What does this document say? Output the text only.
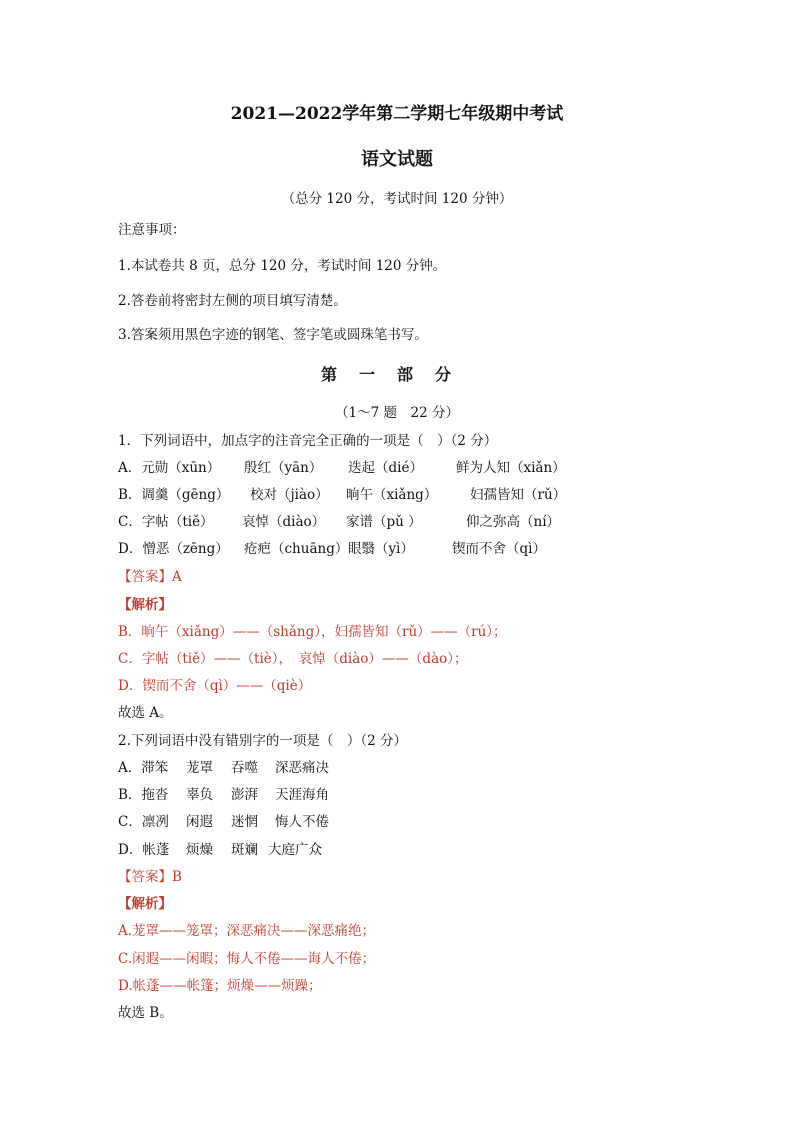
2021—2022学年第二学期七年级期中考试
语文试题
（总分 120 分，考试时间 120 分钟）
注意事项：
1.本试卷共 8 页，总分 120 分，考试时间 120 分钟。
2.答卷前将密封左侧的项目填写清楚。
3.答案须用黑色字迹的钢笔、签字笔或圆珠笔书写。
第一部分
（1～7 题　22 分）
1．下列词语中，加点字的注音完全正确的一项是（　）（2 分）
A．元勋（xūn） 殷红（yān） 迭起（dié） 鲜为人知（xiǎn）
B．调羹（gēng） 校对（jiào） 晌午（xiǎng） 妇孺皆知（rǔ）
C．字帖（tiě） 哀悼（diào） 家谱（pǔ ）	仰之弥高（ní）
D．憎恶（zēng） 疮疤（chuāng） 眼翳（yì）	锲而不舍（qì）
【答案】A
【解析】
B．晌午（xiǎng）——（shǎng），妇孺皆知（rǔ）——（rú）；
C．字帖（tiě）——（tiè），　哀悼（diào）——（dào）；
D．锲而不舍（qì）——（qiè）
故选 A。
2.下列词语中没有错别字的一项是（　）（2 分）
A．滞笨 茏罩 吞噬 深恶痛决
B．拖沓 辜负 澎湃 天涯海角
C．凛冽 闲遐 迷惘 悔人不倦
D．帐蓬 烦燥 斑斓 大庭广众
【答案】B
【解析】
A.茏罩——笼罩；深恶痛决——深恶痛绝；
C.闲遐——闲暇；悔人不倦——诲人不倦；
D.帐蓬——帐篷；烦燥——烦躁；
故选 B。
